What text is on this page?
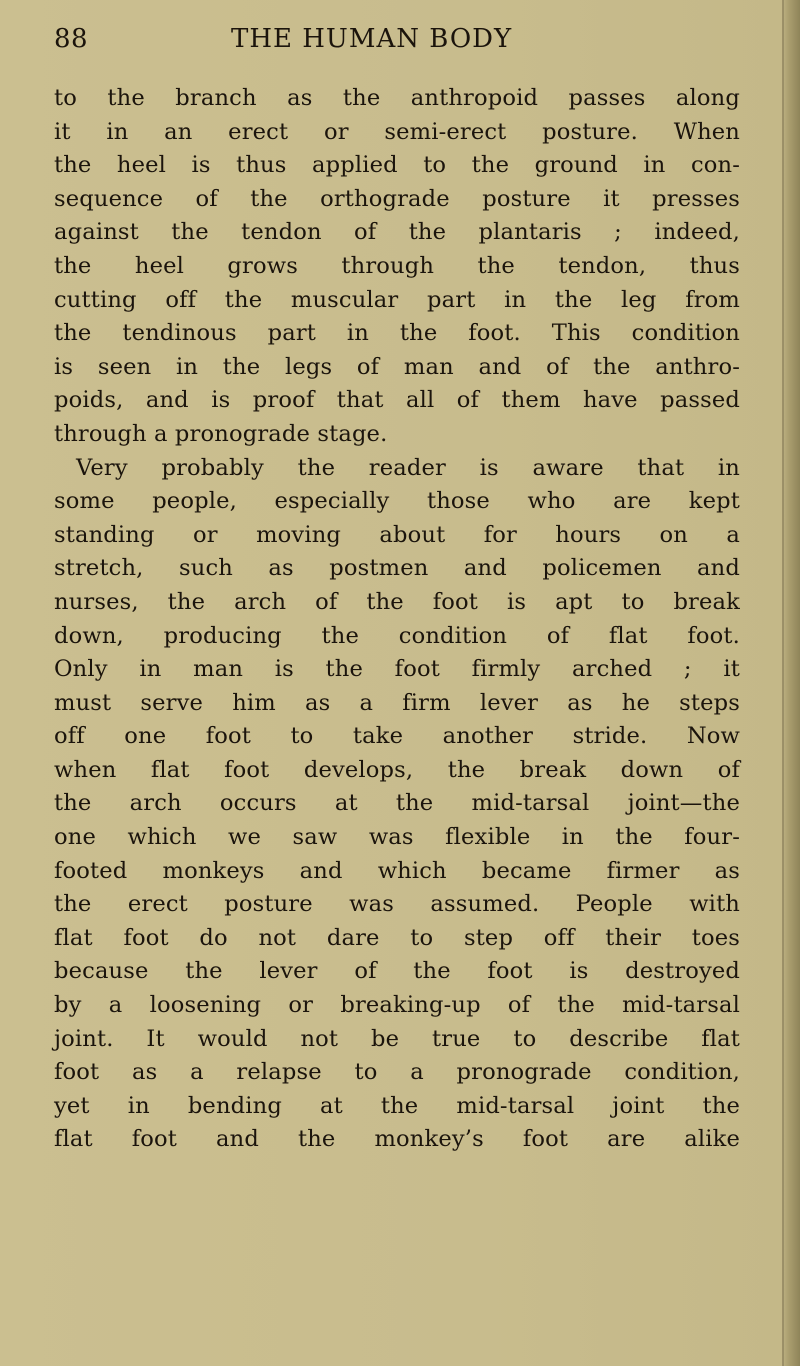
88	THE HUMAN BODY
to the branch as the anthropoid passes along
it in an erect or semi-erect posture. When
the heel is thus applied to the ground in con-
sequence of the orthograde posture it presses
against the tendon of the plantaris ; indeed,
the heel grows through the tendon, thus
cutting off the muscular part in the leg from
the tendinous part in the foot. This condition
is seen in the legs of man and of the anthro-
poids, and is proof that all of them have passed
through a pronograde stage.
Very probably the reader is aware that in
some people, especially those who are kept
standing or moving about for hours on a
stretch, such as postmen and policemen and
nurses, the arch of the foot is apt to break
down, producing the condition of flat foot.
Only in man is the foot firmly arched ; it
must serve him as a firm lever as he steps
off one foot to take another stride. Now
when flat foot develops, the break down of
the arch occurs at the mid-tarsal joint—the
one which we saw was flexible in the four-
footed monkeys and which became firmer as
the erect posture was assumed. People with
flat foot do not dare to step off their toes
because the lever of the foot is destroyed
by a loosening or breaking-up of the mid-tarsal
joint. It would not be true to describe flat
foot as a relapse to a pronograde condition,
yet in bending at the mid-tarsal joint the
flat foot and the monkey’s foot are alike
